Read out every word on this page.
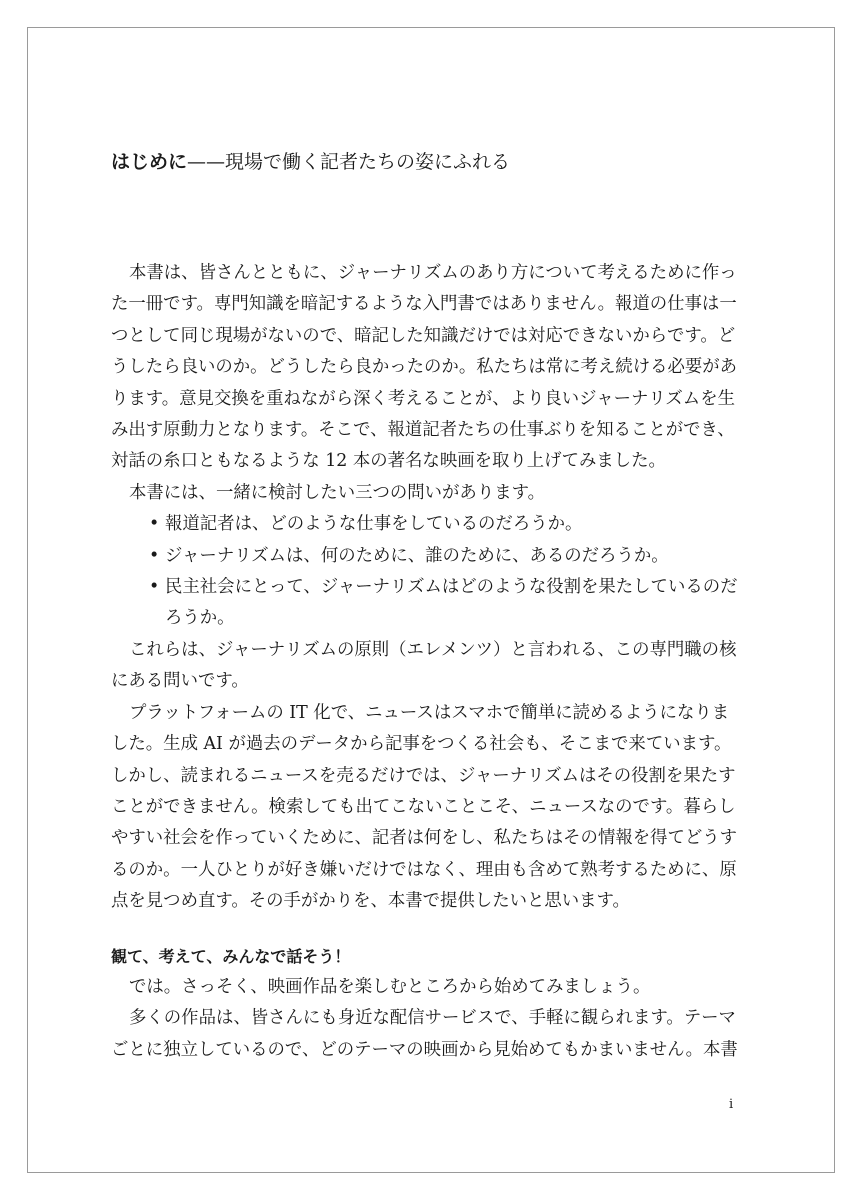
はじめに——現場で働く記者たちの姿にふれる

本書は、皆さんとともに、ジャーナリズムのあり方について考えるために作っ
た一冊です。専門知識を暗記するような入門書ではありません。報道の仕事は一
つとして同じ現場がないので、暗記した知識だけでは対応できないからです。ど
うしたら良いのか。どうしたら良かったのか。私たちは常に考え続ける必要があ
ります。意見交換を重ねながら深く考えることが、より良いジャーナリズムを生
み出す原動力となります。そこで、報道記者たちの仕事ぶりを知ることができ、
対話の糸口ともなるような 12 本の著名な映画を取り上げてみました。

本書には、一緒に検討したい三つの問いがあります。

• 報道記者は、どのような仕事をしているのだろうか。
• ジャーナリズムは、何のために、誰のために、あるのだろうか。
• 民主社会にとって、ジャーナリズムはどのような役割を果たしているのだ
ろうか。

これらは、ジャーナリズムの原則（エレメンツ）と言われる、この専門職の核
にある問いです。

プラットフォームの IT 化で、ニュースはスマホで簡単に読めるようになりま
した。生成 AI が過去のデータから記事をつくる社会も、そこまで来ています。
しかし、読まれるニュースを売るだけでは、ジャーナリズムはその役割を果たす
ことができません。検索しても出てこないことこそ、ニュースなのです。暮らし
やすい社会を作っていくために、記者は何をし、私たちはその情報を得てどうす
るのか。一人ひとりが好き嫌いだけではなく、理由も含めて熟考するために、原
点を見つめ直す。その手がかりを、本書で提供したいと思います。

観て、考えて、みんなで話そう！

では。さっそく、映画作品を楽しむところから始めてみましょう。

多くの作品は、皆さんにも身近な配信サービスで、手軽に観られます。テーマ
ごとに独立しているので、どのテーマの映画から見始めてもかまいません。本書

i
